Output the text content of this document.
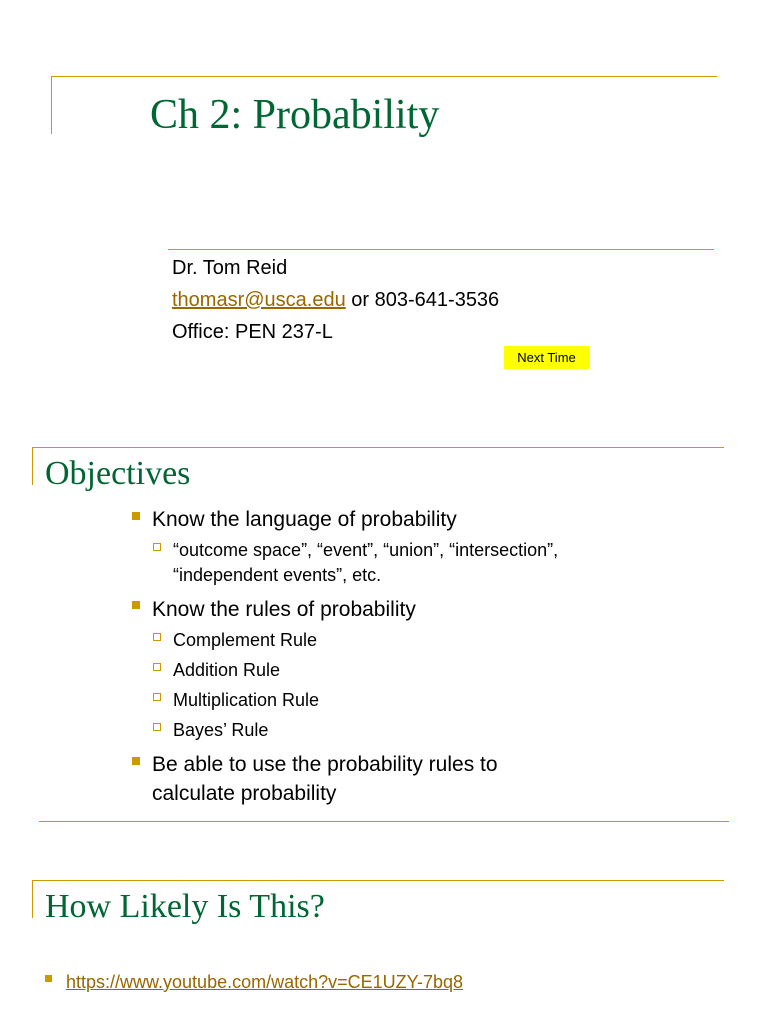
Ch 2: Probability
Dr. Tom Reid
thomasr@usca.edu or 803-641-3536
Office: PEN 237-L
Next Time
Objectives
Know the language of probability
“outcome space”, “event”, “union”, “intersection”,
“independent events”, etc.
Know the rules of probability
Complement Rule
Addition Rule
Multiplication Rule
Bayes’ Rule
Be able to use the probability rules to
calculate probability
How Likely Is This?
https://www.youtube.com/watch?v=CE1UZY-7bq8
